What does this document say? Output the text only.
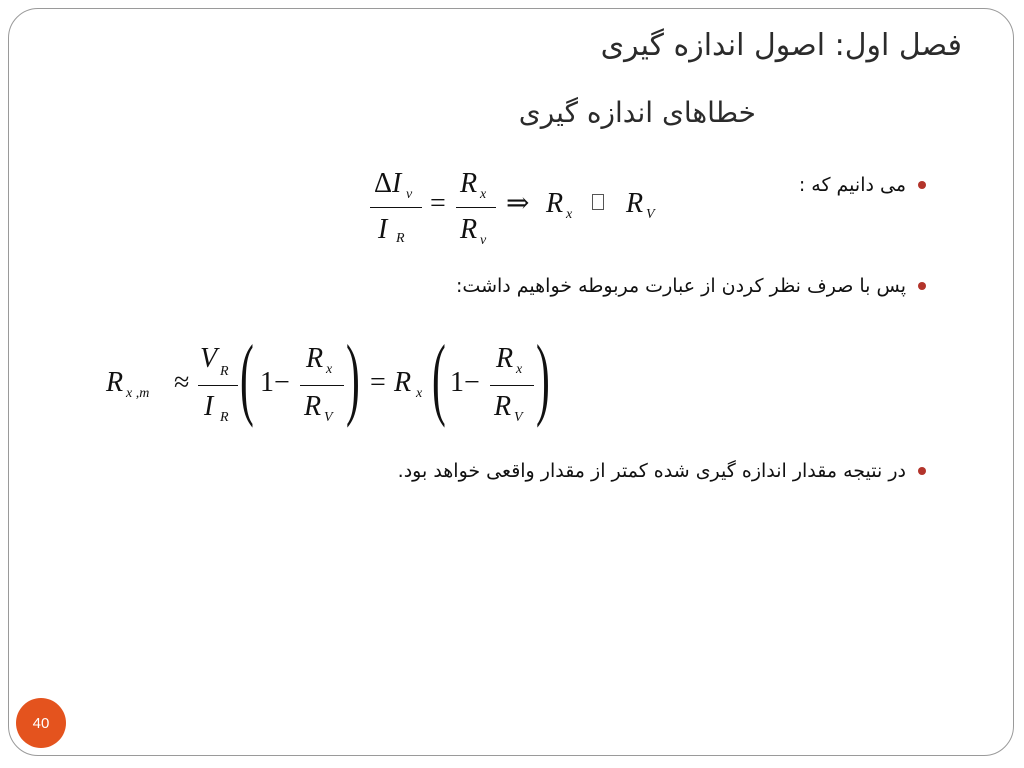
فصل اول: اصول اندازه گیری
خطاهای اندازه گیری
می دانیم که :
ΔI v
I R
=
R x
R v
⇒ R x R V
پس با صرف نظر کردن از عبارت مربوطه خواهیم داشت:
R x ,m ≈
V R
I R ( 1−
R x
R V ) = R x ( 1−
R x
R V )
در نتیجه مقدار اندازه گیری شده کمتر از مقدار واقعی خواهد بود.
40
